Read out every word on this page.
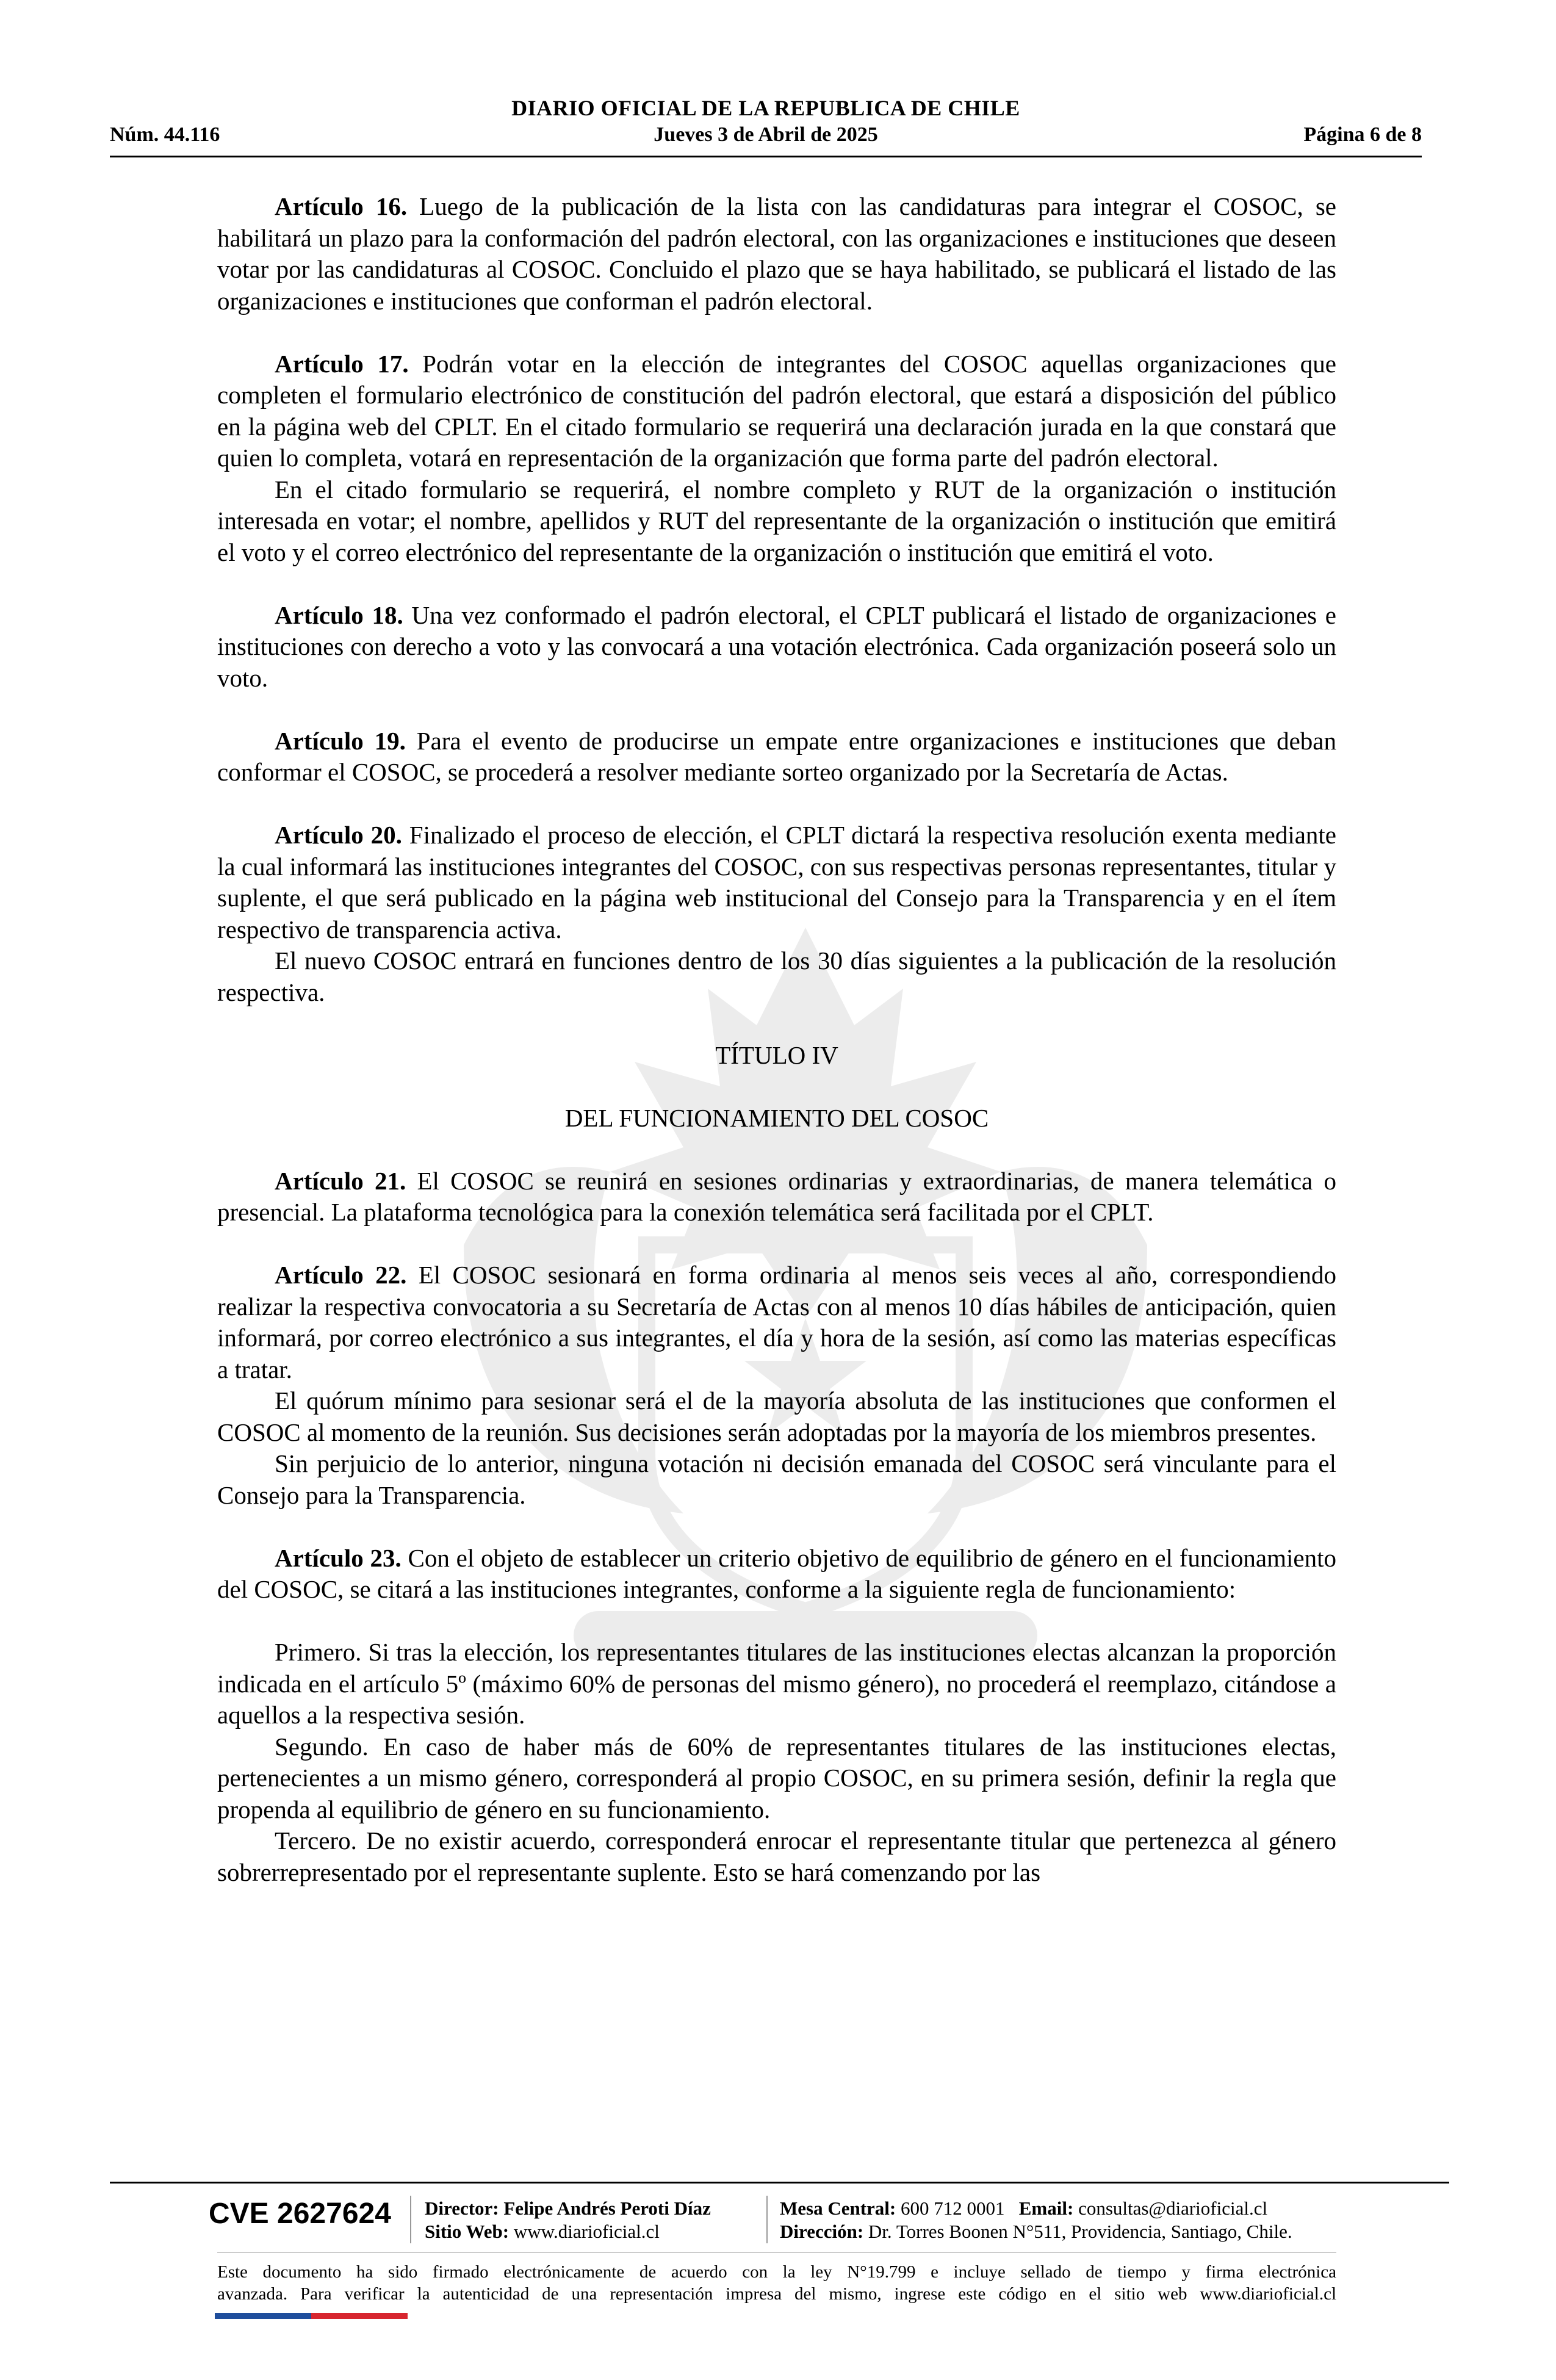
DIARIO OFICIAL DE LA REPUBLICA DE CHILE
Núm. 44.116	Jueves 3 de Abril de 2025	Página 6 de 8

Artículo 16. Luego de la publicación de la lista con las candidaturas para integrar el COSOC, se habilitará un plazo para la conformación del padrón electoral, con las organizaciones e instituciones que deseen votar por las candidaturas al COSOC. Concluido el plazo que se haya habilitado, se publicará el listado de las organizaciones e instituciones que conforman el padrón electoral.

Artículo 17. Podrán votar en la elección de integrantes del COSOC aquellas organizaciones que completen el formulario electrónico de constitución del padrón electoral, que estará a disposición del público en la página web del CPLT. En el citado formulario se requerirá una declaración jurada en la que constará que quien lo completa, votará en representación de la organización que forma parte del padrón electoral.

En el citado formulario se requerirá, el nombre completo y RUT de la organización o institución interesada en votar; el nombre, apellidos y RUT del representante de la organización o institución que emitirá el voto y el correo electrónico del representante de la organización o institución que emitirá el voto.

Artículo 18. Una vez conformado el padrón electoral, el CPLT publicará el listado de organizaciones e instituciones con derecho a voto y las convocará a una votación electrónica. Cada organización poseerá solo un voto.

Artículo 19. Para el evento de producirse un empate entre organizaciones e instituciones que deban conformar el COSOC, se procederá a resolver mediante sorteo organizado por la Secretaría de Actas.

Artículo 20. Finalizado el proceso de elección, el CPLT dictará la respectiva resolución exenta mediante la cual informará las instituciones integrantes del COSOC, con sus respectivas personas representantes, titular y suplente, el que será publicado en la página web institucional del Consejo para la Transparencia y en el ítem respectivo de transparencia activa.

El nuevo COSOC entrará en funciones dentro de los 30 días siguientes a la publicación de la resolución respectiva.

TÍTULO IV

DEL FUNCIONAMIENTO DEL COSOC

Artículo 21. El COSOC se reunirá en sesiones ordinarias y extraordinarias, de manera telemática o presencial. La plataforma tecnológica para la conexión telemática será facilitada por el CPLT.

Artículo 22. El COSOC sesionará en forma ordinaria al menos seis veces al año, correspondiendo realizar la respectiva convocatoria a su Secretaría de Actas con al menos 10 días hábiles de anticipación, quien informará, por correo electrónico a sus integrantes, el día y hora de la sesión, así como las materias específicas a tratar.

El quórum mínimo para sesionar será el de la mayoría absoluta de las instituciones que conformen el COSOC al momento de la reunión. Sus decisiones serán adoptadas por la mayoría de los miembros presentes.

Sin perjuicio de lo anterior, ninguna votación ni decisión emanada del COSOC será vinculante para el Consejo para la Transparencia.

Artículo 23. Con el objeto de establecer un criterio objetivo de equilibrio de género en el funcionamiento del COSOC, se citará a las instituciones integrantes, conforme a la siguiente regla de funcionamiento:

Primero. Si tras la elección, los representantes titulares de las instituciones electas alcanzan la proporción indicada en el artículo 5º (máximo 60% de personas del mismo género), no procederá el reemplazo, citándose a aquellos a la respectiva sesión.

Segundo. En caso de haber más de 60% de representantes titulares de las instituciones electas, pertenecientes a un mismo género, corresponderá al propio COSOC, en su primera sesión, definir la regla que propenda al equilibrio de género en su funcionamiento.

Tercero. De no existir acuerdo, corresponderá enrocar el representante titular que pertenezca al género sobrerrepresentado por el representante suplente. Esto se hará comenzando por las

CVE 2627624 Director: Felipe Andrés Peroti Díaz
Sitio Web: www.diarioficial.cl
Mesa Central: 600 712 0001 Email: consultas@diarioficial.cl
Dirección: Dr. Torres Boonen N°511, Providencia, Santiago, Chile.
Este documento ha sido firmado electrónicamente de acuerdo con la ley N°19.799 e incluye sellado de tiempo y firma electrónica
avanzada. Para verificar la autenticidad de una representación impresa del mismo, ingrese este código en el sitio web www.diarioficial.cl
